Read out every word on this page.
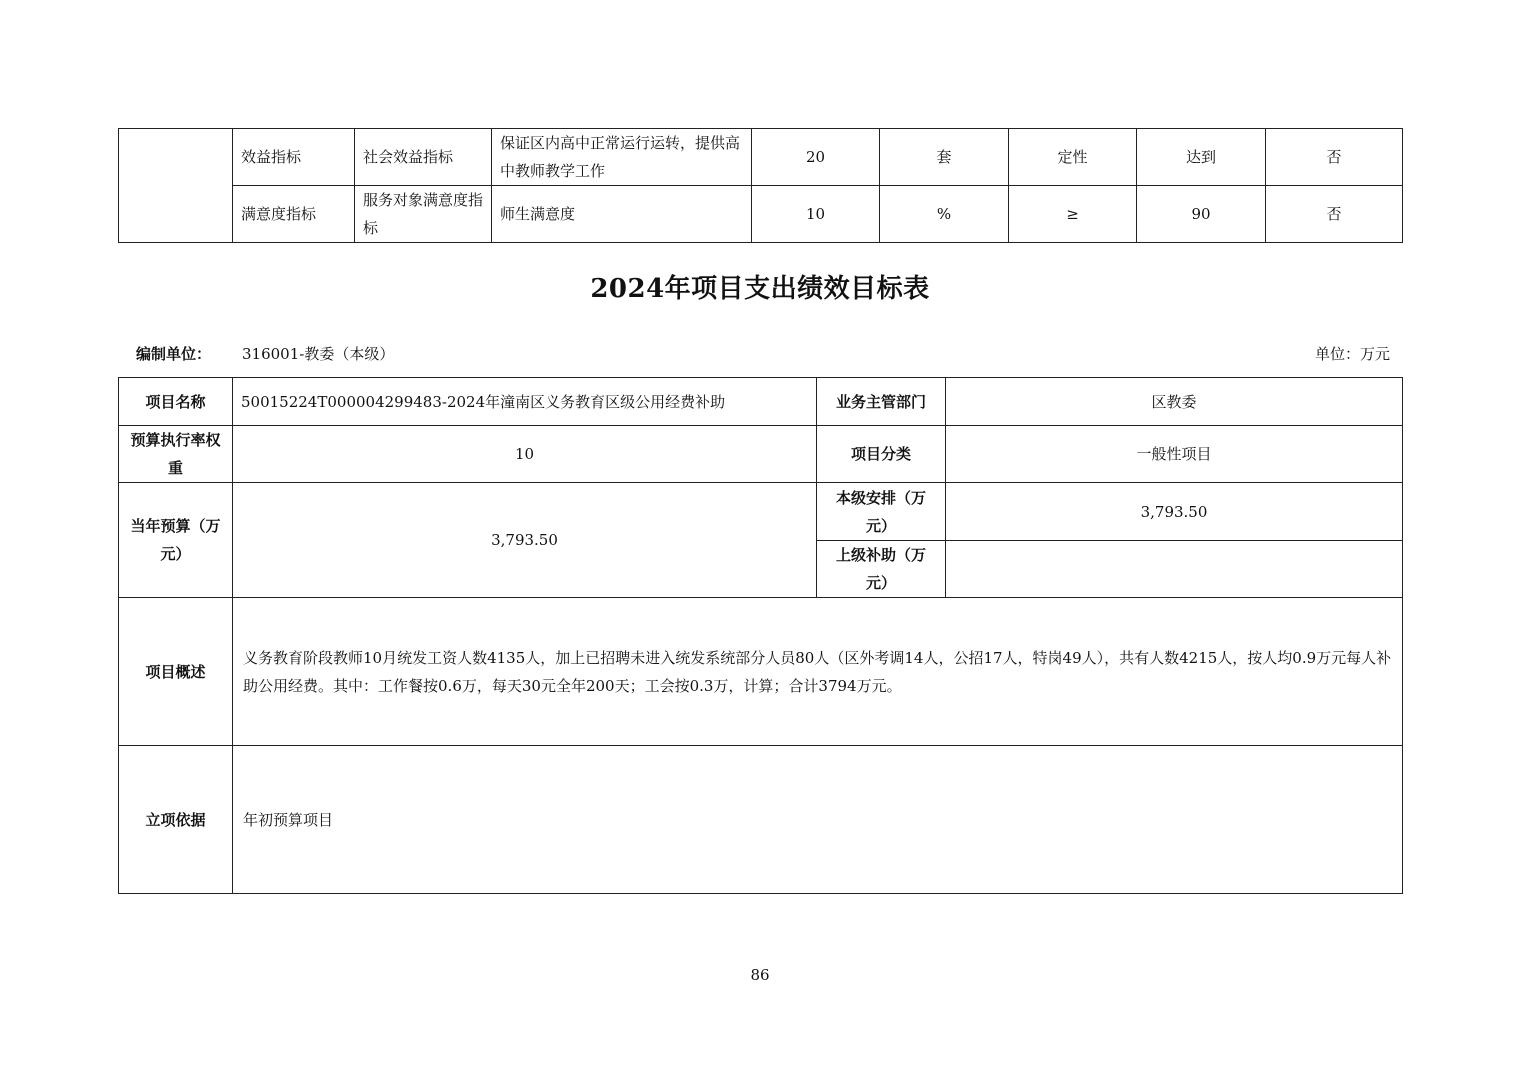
	效益指标	社会效益指标	保证区内高中正常运行运转，提供高中教师教学工作	20	套	定性	达到	否
	满意度指标	服务对象满意度指标	师生满意度	10	%	≥	90	否
2024年项目支出绩效目标表
编制单位： 316001-教委（本级）	单位：万元
项目名称	50015224T000004299483-2024年潼南区义务教育区级公用经费补助	业务主管部门	区教委
预算执行率权重	10	项目分类	一般性项目
当年预算（万元）	3,793.50	本级安排（万元）	3,793.50
		上级补助（万元）	
项目概述	义务教育阶段教师10月统发工资人数4135人，加上已招聘未进入统发系统部分人员80人（区外考调14人，公招17人，特岗49人），共有人数4215人，按人均0.9万元每人补助公用经费。其中：工作餐按0.6万，每天30元全年200天；工会按0.3万，计算；合计3794万元。		
立项依据	年初预算项目		
86
